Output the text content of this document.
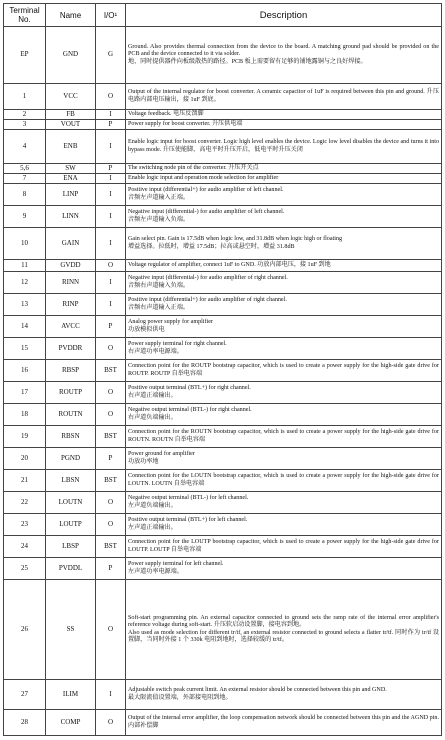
Terminal No.	Name	I/O¹	Description
EP	GND	G	Ground. Also provides thermal connection from the device to the board. A matching ground pad should be provided on the PCB and the device connected to it via solder.
地，同时提供器件向板级散热的路径。PCB 板上需要留有足够的铺地露铜与之良好焊接。
1	VCC	O	Output of the internal regulator for boost converter. A ceramic capacitor of 1uF is required between this pin and ground. 升压电路内部电压输出，接 1uF 到底。
2	FB	I	Voltage feedback. 电压反馈脚
3	VOUT	P	Power supply for boost converter. 升压供电端
4	ENB	I	Enable logic input for boost converter. Logic high level enables the device. Logic low level disables the device and turns it into bypass mode. 升压使能脚，高电平时升压开启，低电平时升压关闭
5,6	SW	P	The switching node pin of the converter. 升压开关点
7	ENA	I	Enable logic input and operation mode selection for amplifier
8	LINP	I	Positive input (differential+) for audio amplifier of left channel.
音频左声道输入正端。
9	LINN	I	Negative input (differential-) for audio amplifier of left channel.
音频左声道输入负端。
10	GAIN	I	Gain select pin. Gain is 17.5dB when logic low, and 31.8dB when logic high or floating
增益选择。拉低时，增益 17.5dB；拉高或悬空时，增益 31.8dB
11	GVDD	O	Voltage regulator of amplifier, connect 1uF to GND. 功放内部电压，接 1uF 到地
12	RINN	I	Negative input (differential-) for audio amplifier of right channel.
音频右声道输入负端。
13	RINP	I	Positive input (differential+) for audio amplifier of right channel.
音频右声道输入正端。
14	AVCC	P	Analog power supply for amplifier
功放模拟供电
15	PVDDR	O	Power supply terminal for right channel.
右声道功率电源端。
16	RBSP	BST	Connection point for the ROUTP bootstrap capacitor, which is used to create a power supply for the high-side gate drive for ROUTP. ROUTP 自举电容端
17	ROUTP	O	Positive output terminal (BTL+) for right channel.
右声道正端输出。
18	ROUTN	O	Negative output terminal (BTL-) for right channel.
右声道负端输出。
19	RBSN	BST	Connection point for the ROUTN bootstrap capacitor, which is used to create a power supply for the high-side gate drive for ROUTN. ROUTN 自举电容端
20	PGND	P	Power ground for amplifier
功放功率地
21	LBSN	BST	Connection point for the LOUTN bootstrap capacitor, which is used to create a power supply for the high-side gate drive for LOUTN. LOUTN 自举电容端
22	LOUTN	O	Negative output terminal (BTL-) for left channel.
左声道负端输出。
23	LOUTP	O	Positive output terminal (BTL+) for left channel.
左声道正端输出。
24	LBSP	BST	Connection point for the LOUTP bootstrap capacitor, which is used to create a power supply for the high-side gate drive for LOUTP. LOUTP 自举电容端
25	PVDDL	P	Power supply terminal for left channel.
左声道功率电源端。
26	SS	O	Soft-start programming pin. An external capacitor connected to ground sets the ramp rate of the internal error amplifier's reference voltage during soft-start. 升压软启动设置脚，接电容到地。
Also used as mode selection for different tr/tf, an external resistor connected to ground selects a flatter tr/tf. 同时作为 tr/tf 设置脚，当同时外接 1 个 330k 电阻到地时，选择较缓的 tr/tf。
27	ILIM	I	Adjustable switch peak current limit. An external resistor should be connected between this pin and GND.
最大限流值设置端，外部接电阻到地。
28	COMP	O	Output of the internal error amplifier, the loop compensation network should be connected between this pin and the AGND pin. 内部补偿脚
